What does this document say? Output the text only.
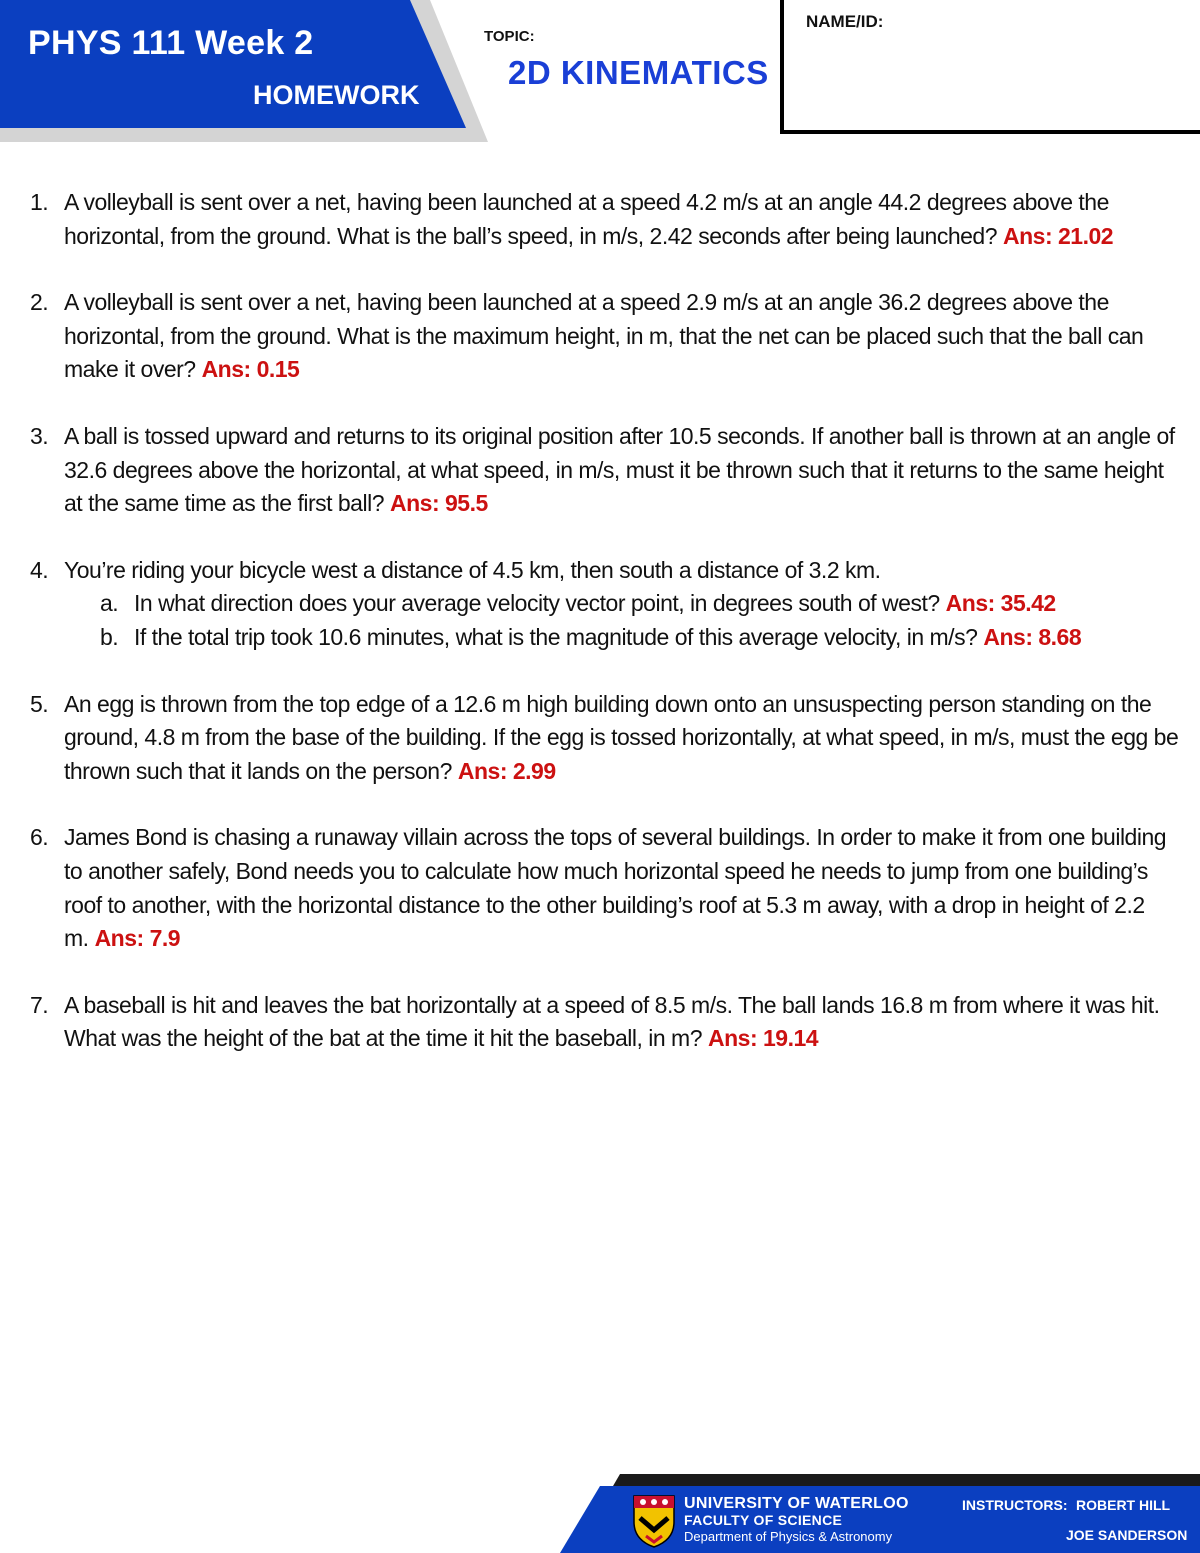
PHYS 111 Week 2
HOMEWORK
TOPIC:
2D KINEMATICS
NAME/ID:
1. A volleyball is sent over a net, having been launched at a speed 4.2 m/s at an angle 44.2 degrees above the horizontal, from the ground. What is the ball’s speed, in m/s, 2.42 seconds after being launched? Ans: 21.02
2. A volleyball is sent over a net, having been launched at a speed 2.9 m/s at an angle 36.2 degrees above the horizontal, from the ground. What is the maximum height, in m, that the net can be placed such that the ball can make it over? Ans: 0.15
3. A ball is tossed upward and returns to its original position after 10.5 seconds. If another ball is thrown at an angle of 32.6 degrees above the horizontal, at what speed, in m/s, must it be thrown such that it returns to the same height at the same time as the first ball? Ans: 95.5
4. You’re riding your bicycle west a distance of 4.5 km, then south a distance of 3.2 km.
a. In what direction does your average velocity vector point, in degrees south of west? Ans: 35.42
b. If the total trip took 10.6 minutes, what is the magnitude of this average velocity, in m/s? Ans: 8.68
5. An egg is thrown from the top edge of a 12.6 m high building down onto an unsuspecting person standing on the ground, 4.8 m from the base of the building. If the egg is tossed horizontally, at what speed, in m/s, must the egg be thrown such that it lands on the person? Ans: 2.99
6. James Bond is chasing a runaway villain across the tops of several buildings. In order to make it from one building to another safely, Bond needs you to calculate how much horizontal speed he needs to jump from one building’s roof to another, with the horizontal distance to the other building’s roof at 5.3 m away, with a drop in height of 2.2 m. Ans: 7.9
7. A baseball is hit and leaves the bat horizontally at a speed of 8.5 m/s. The ball lands 16.8 m from where it was hit. What was the height of the bat at the time it hit the baseball, in m? Ans: 19.14
UNIVERSITY OF WATERLOO
FACULTY OF SCIENCE
Department of Physics & Astronomy
INSTRUCTORS: ROBERT HILL
JOE SANDERSON
